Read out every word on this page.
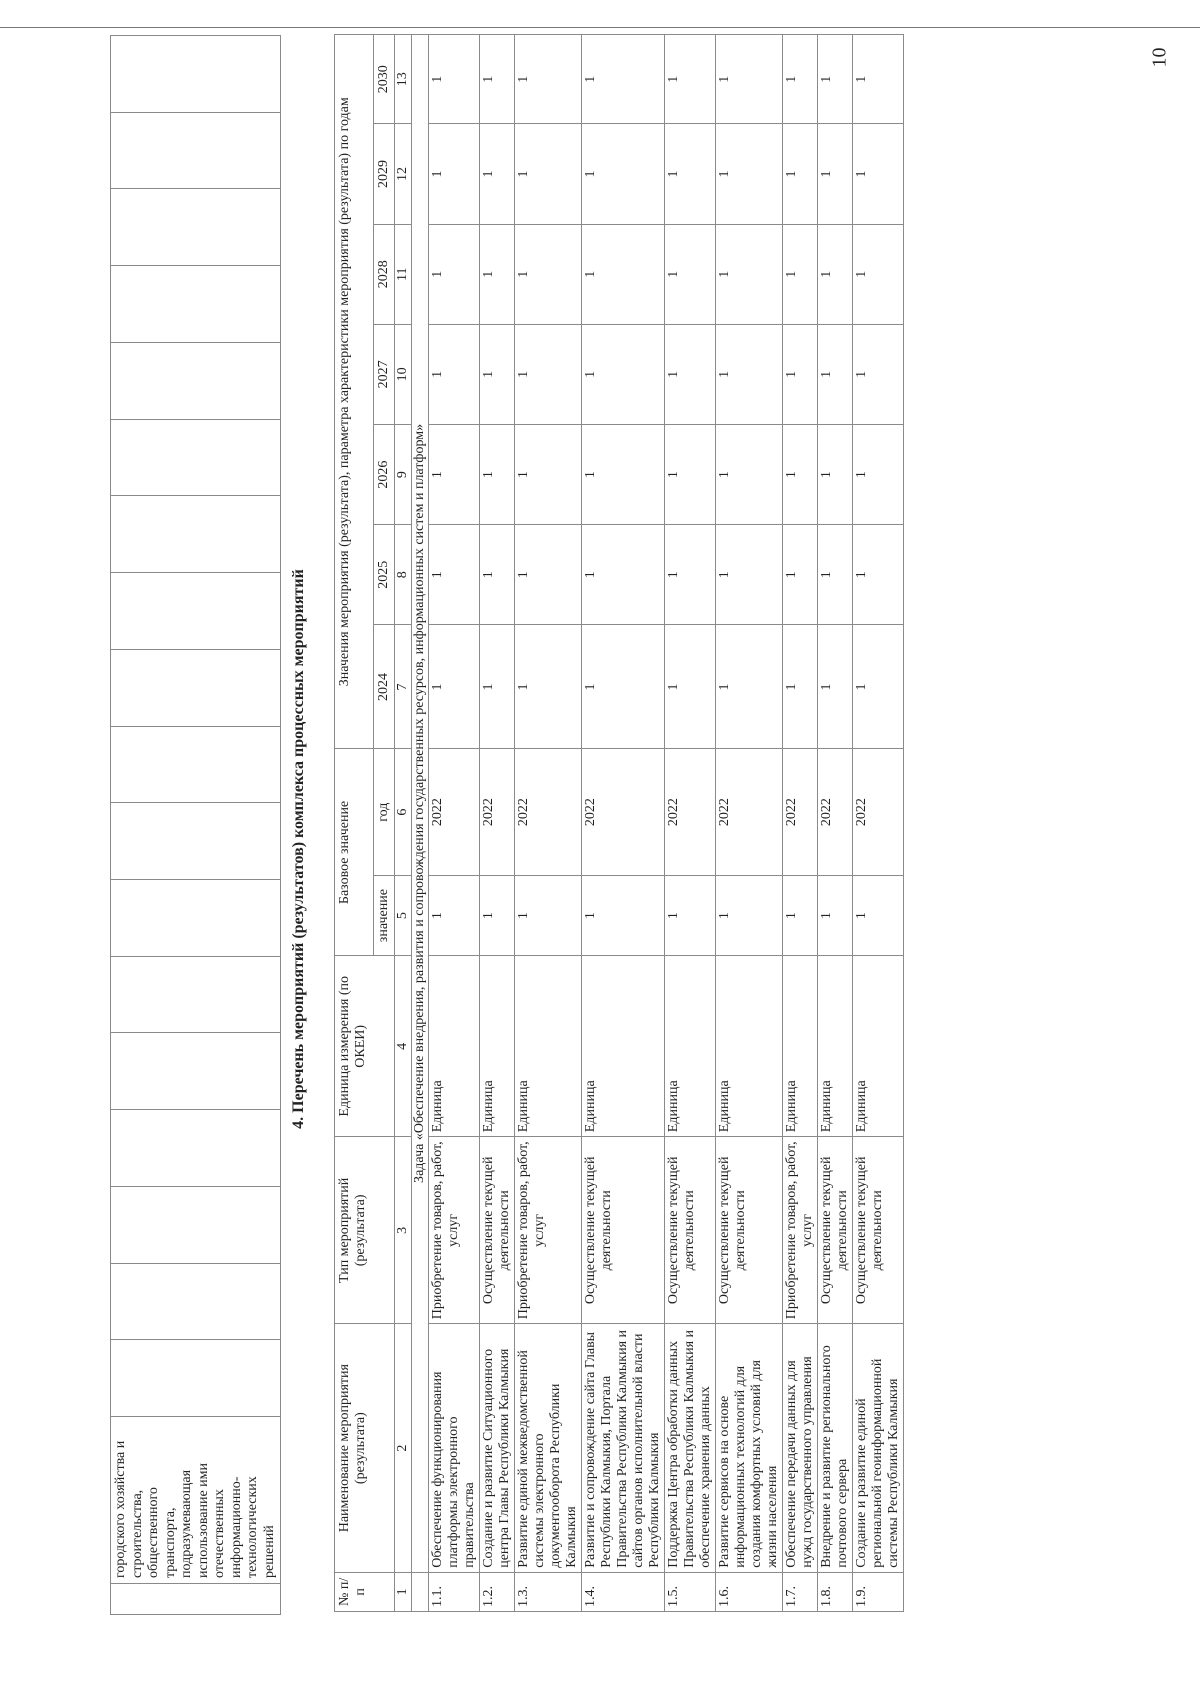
10
	городского хозяйства и строительства, общественного транспорта, подразумевающая использование ими отечественных информационно-технологических решений																		
4. Перечень мероприятий (результатов) комплекса процессных мероприятий
№ п/п	Наименование мероприятия (результата)	Тип мероприятий (результата)	Единица измерения (по ОКЕИ)	Базовое значение		Значения мероприятия (результата), параметра характеристики мероприятия (результата) по годам						
				значение	год	2024	2025	2026	2027	2028	2029	2030
1	2	3	4	5	6	7	8	9	10	11	12	13
	Задача «Обеспечение внедрения, развития и сопровождения государственных ресурсов, информационных систем и платформ»											
1.1.	Обеспечение функционирования платформы электронного правительства	Приобретение товаров, работ, услуг	Единица	1	2022	1	1	1	1	1	1	1
1.2.	Создание и развитие Ситуационного центра Главы Республики Калмыкия	Осуществление текущей деятельности	Единица	1	2022	1	1	1	1	1	1	1
1.3.	Развитие единой межведомственной системы электронного документооборота Республики Калмыкия	Приобретение товаров, работ, услуг	Единица	1	2022	1	1	1	1	1	1	1
1.4.	Развитие и сопровождение сайта Главы Республики Калмыкия, Портала Правительства Республики Калмыкия и сайтов органов исполнительной власти Республики Калмыкия	Осуществление текущей деятельности	Единица	1	2022	1	1	1	1	1	1	1
1.5.	Поддержка Центра обработки данных Правительства Республики Калмыкия и обеспечение хранения данных	Осуществление текущей деятельности	Единица	1	2022	1	1	1	1	1	1	1
1.6.	Развитие сервисов на основе информационных технологий для создания комфортных условий для жизни населения	Осуществление текущей деятельности	Единица	1	2022	1	1	1	1	1	1	1
1.7.	Обеспечение передачи данных для нужд государственного управления	Приобретение товаров, работ, услуг	Единица	1	2022	1	1	1	1	1	1	1
1.8.	Внедрение и развитие регионального почтового сервера	Осуществление текущей деятельности	Единица	1	2022	1	1	1	1	1	1	1
1.9.	Создание и развитие единой региональной геоинформационной системы Республики Калмыкия	Осуществление текущей деятельности	Единица	1	2022	1	1	1	1	1	1	1
